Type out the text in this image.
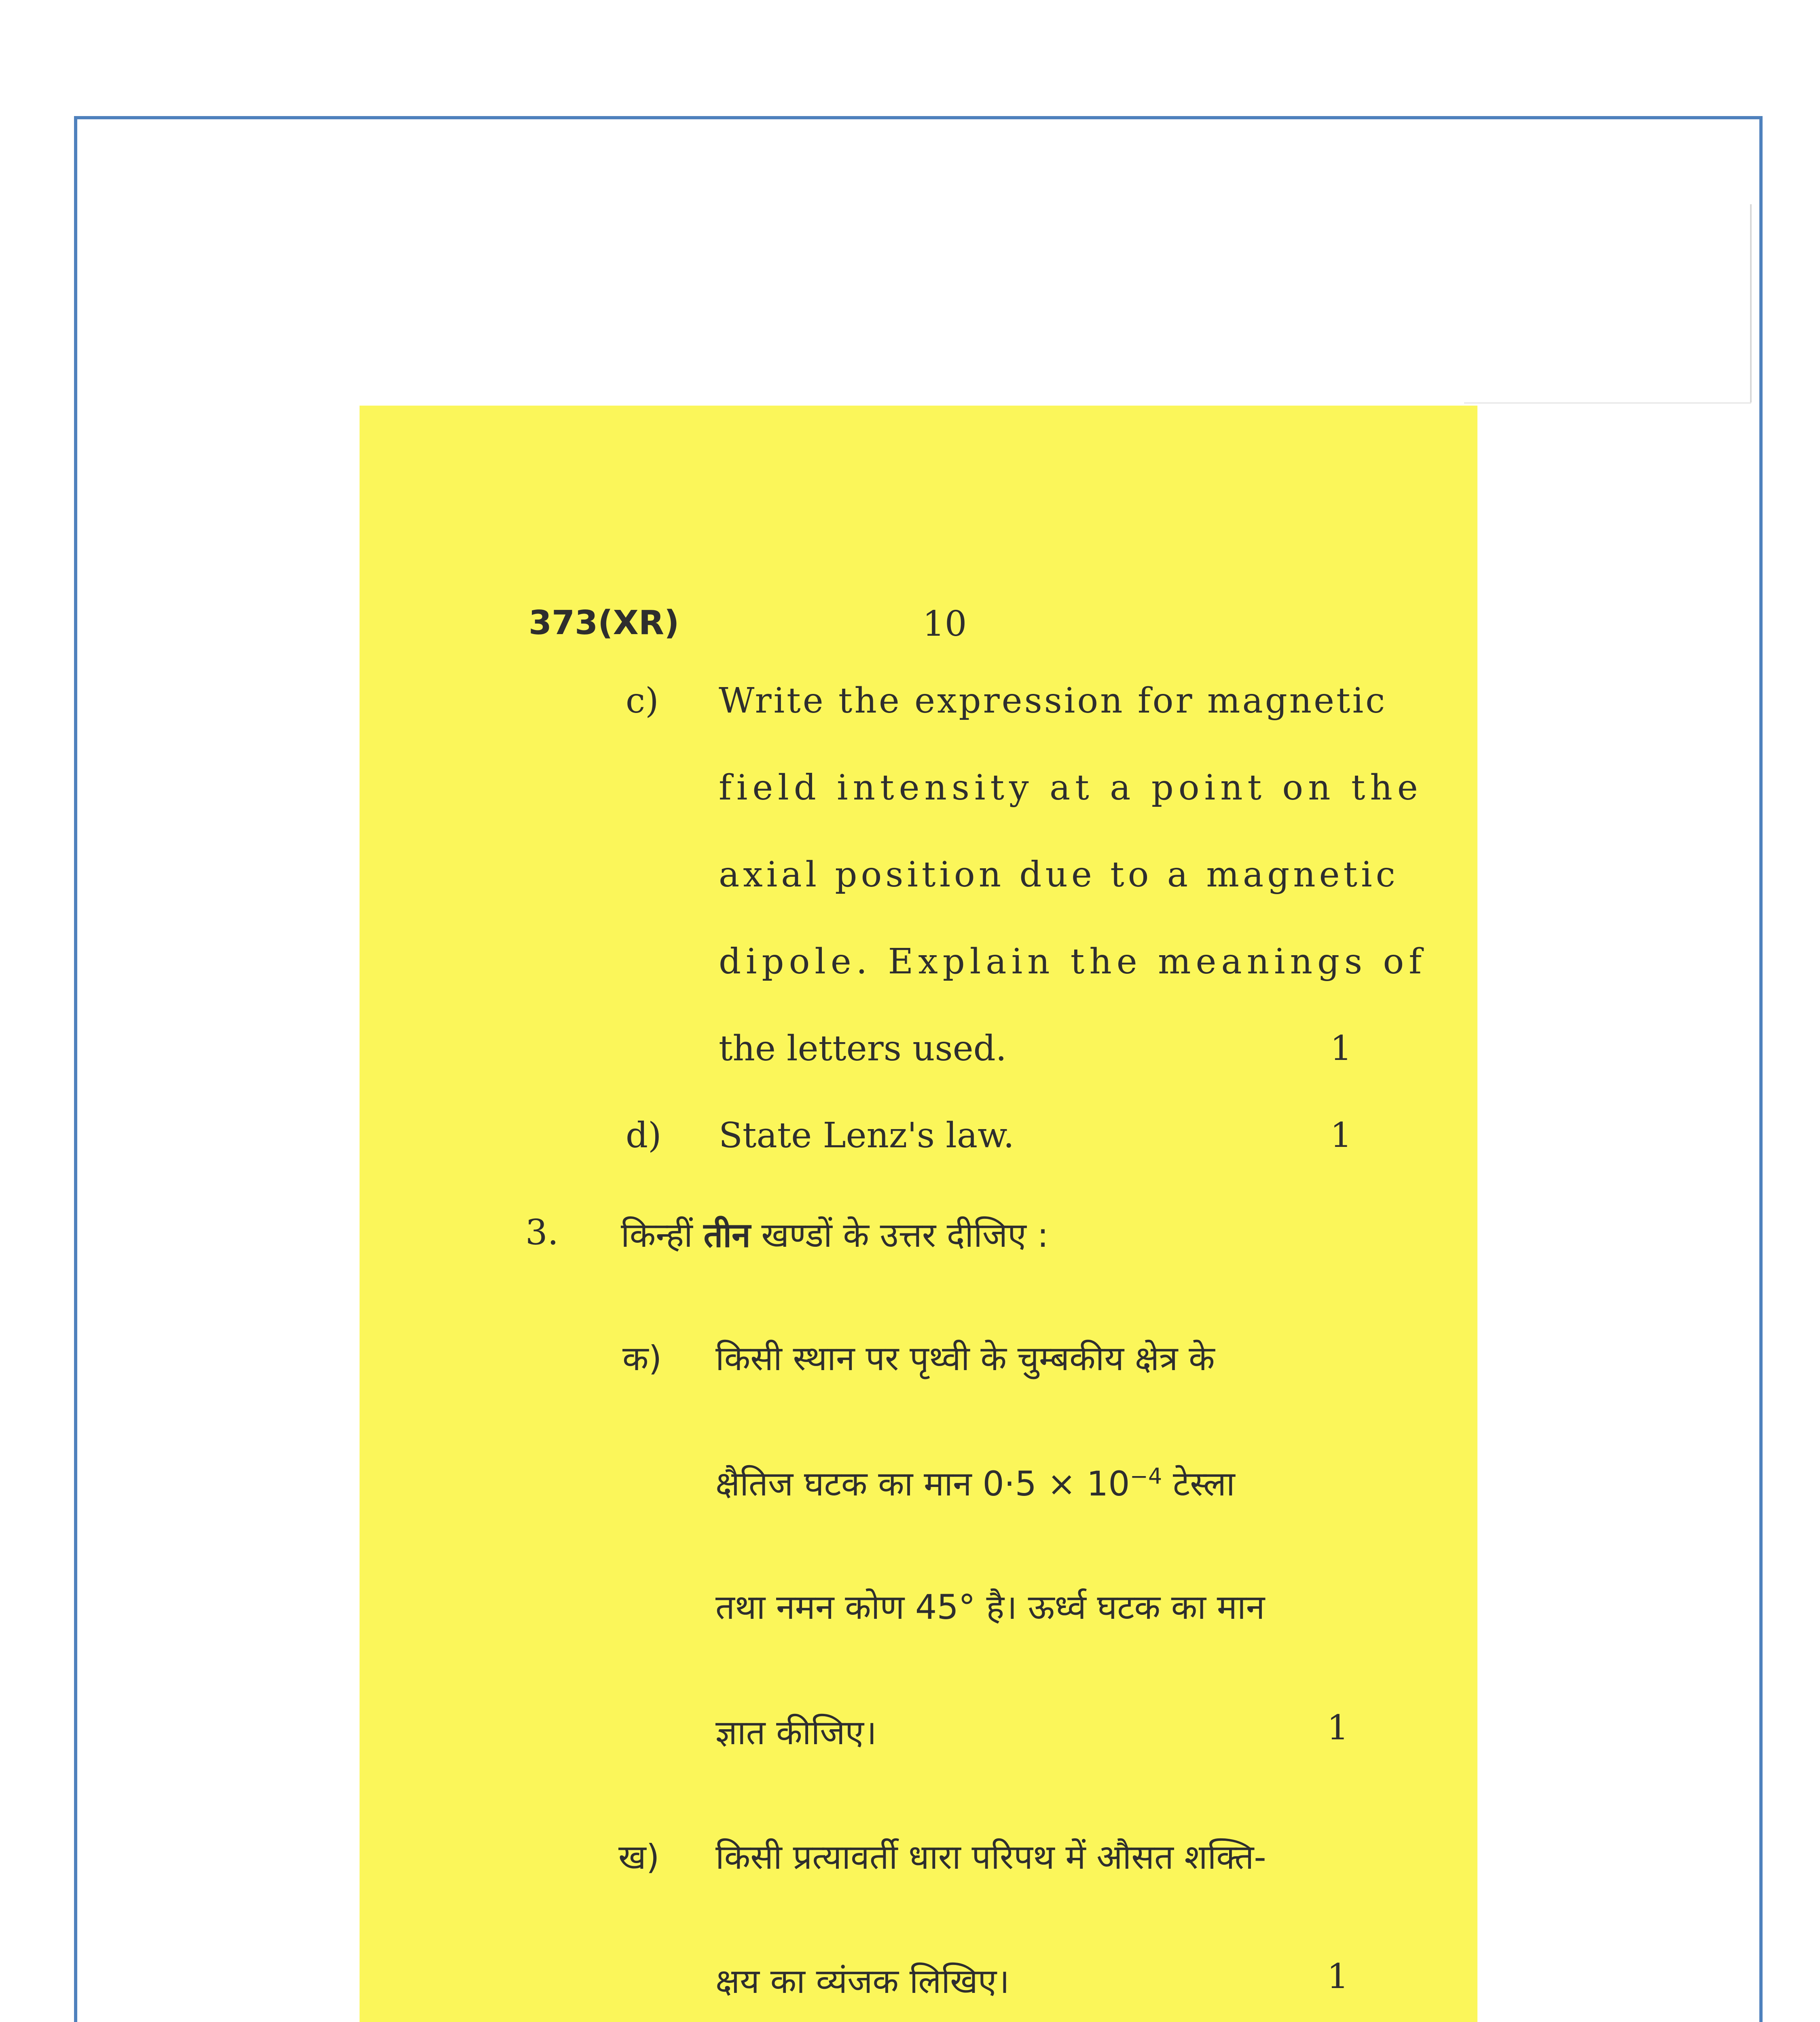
373(XR)	10
c) Write the expression for magnetic
field intensity at a point on the
axial position due to a magnetic
dipole. Explain the meanings of
the letters used.	1
d) State Lenz's law.	1
3. किन्हीं तीन खण्डों के उत्तर दीजिए :
क) किसी स्थान पर पृथ्वी के चुम्बकीय क्षेत्र के
क्षैतिज घटक का मान $0\cdot 5 \times 10^{-4}$ टेस्ला
तथा नमन कोण 45° है। ऊर्ध्व घटक का मान
ज्ञात कीजिए।	1
ख) किसी प्रत्यावर्ती धारा परिपथ में औसत शक्ति-
क्षय का व्यंजक लिखिए।	1
